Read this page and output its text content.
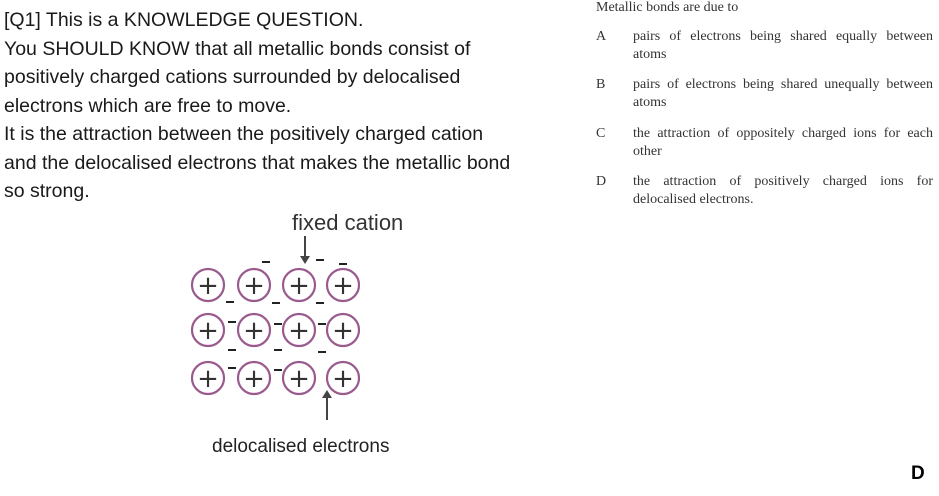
[Q1] This is a KNOWLEDGE QUESTION.
You SHOULD KNOW that all metallic bonds consist of
positively charged cations surrounded by delocalised
electrons which are free to move.
It is the attraction between the positively charged cation
and the delocalised electrons that makes the metallic bond
so strong.
fixed cation
+ + + +
+ + + +
+ + + +
delocalised electrons
Metallic bonds are due to
A pairs of electrons being shared equally between atoms
B pairs of electrons being shared unequally between atoms
C the attraction of oppositely charged ions for each other
D the attraction of positively charged ions for delocalised electrons.
D
